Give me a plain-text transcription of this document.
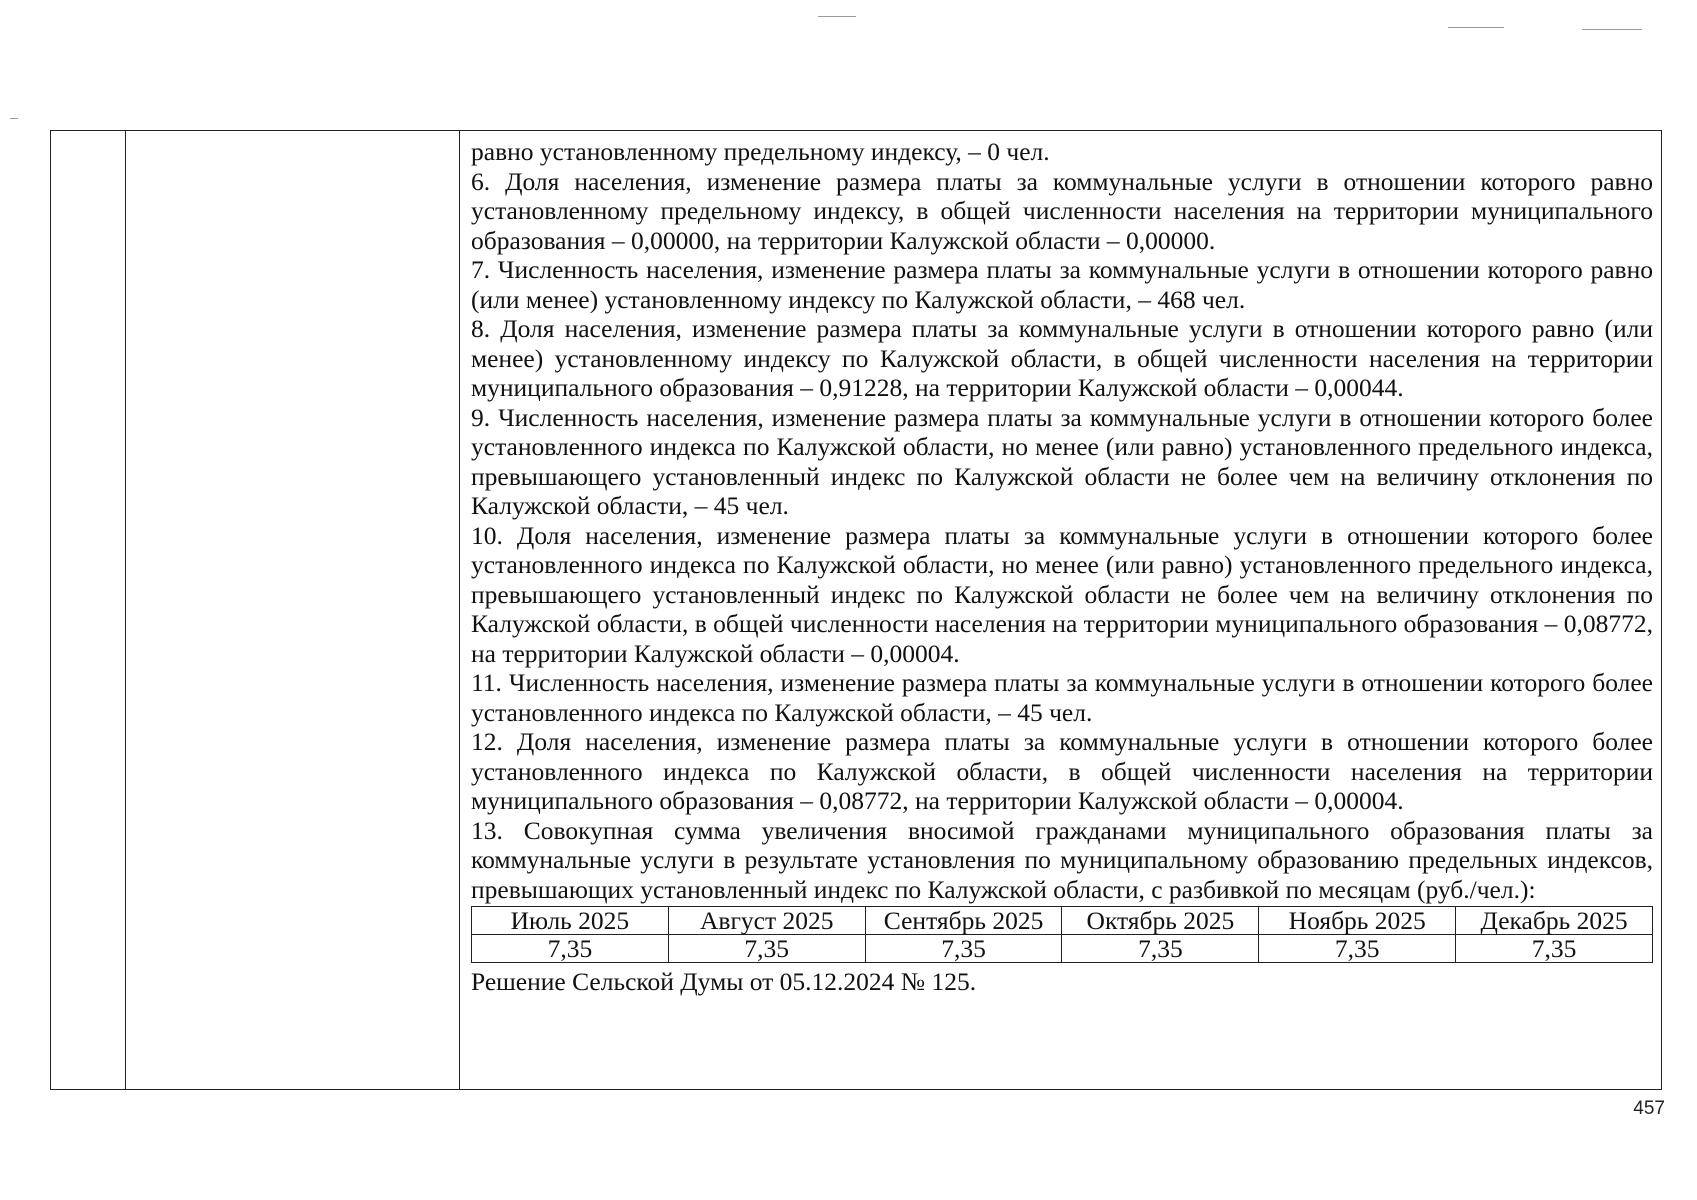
равно установленному предельному индексу, – 0 чел.

6. Доля населения, изменение размера платы за коммунальные услуги в отношении которого равно установленному предельному индексу, в общей численности населения на территории муниципального образования – 0,00000, на территории Калужской области – 0,00000.

7. Численность населения, изменение размера платы за коммунальные услуги в отношении которого равно (или менее) установленному индексу по Калужской области, – 468 чел.

8. Доля населения, изменение размера платы за коммунальные услуги в отношении которого равно (или менее) установленному индексу по Калужской области, в общей численности населения на территории муниципального образования – 0,91228, на территории Калужской области – 0,00044.

9. Численность населения, изменение размера платы за коммунальные услуги в отношении которого более установленного индекса по Калужской области, но менее (или равно) установленного предельного индекса, превышающего установленный индекс по Калужской области не более чем на величину отклонения по Калужской области, – 45 чел.

10. Доля населения, изменение размера платы за коммунальные услуги в отношении которого более установленного индекса по Калужской области, но менее (или равно) установленного предельного индекса, превышающего установленный индекс по Калужской области не более чем на величину отклонения по Калужской области, в общей численности населения на территории муниципального образования – 0,08772, на территории Калужской области – 0,00004.

11. Численность населения, изменение размера платы за коммунальные услуги в отношении которого более установленного индекса по Калужской области, – 45 чел.

12. Доля населения, изменение размера платы за коммунальные услуги в отношении которого более установленного индекса по Калужской области, в общей численности населения на территории муниципального образования – 0,08772, на территории Калужской области – 0,00004.

13. Совокупная сумма увеличения вносимой гражданами муниципального образования платы за коммунальные услуги в результате установления по муниципальному образованию предельных индексов, превышающих установленный индекс по Калужской области, с разбивкой по месяцам (руб./чел.):

Июль 2025	Август 2025	Сентябрь 2025	Октябрь 2025	Ноябрь 2025	Декабрь 2025
7,35	7,35	7,35	7,35	7,35	7,35

Решение Сельской Думы от 05.12.2024 № 125.

457
